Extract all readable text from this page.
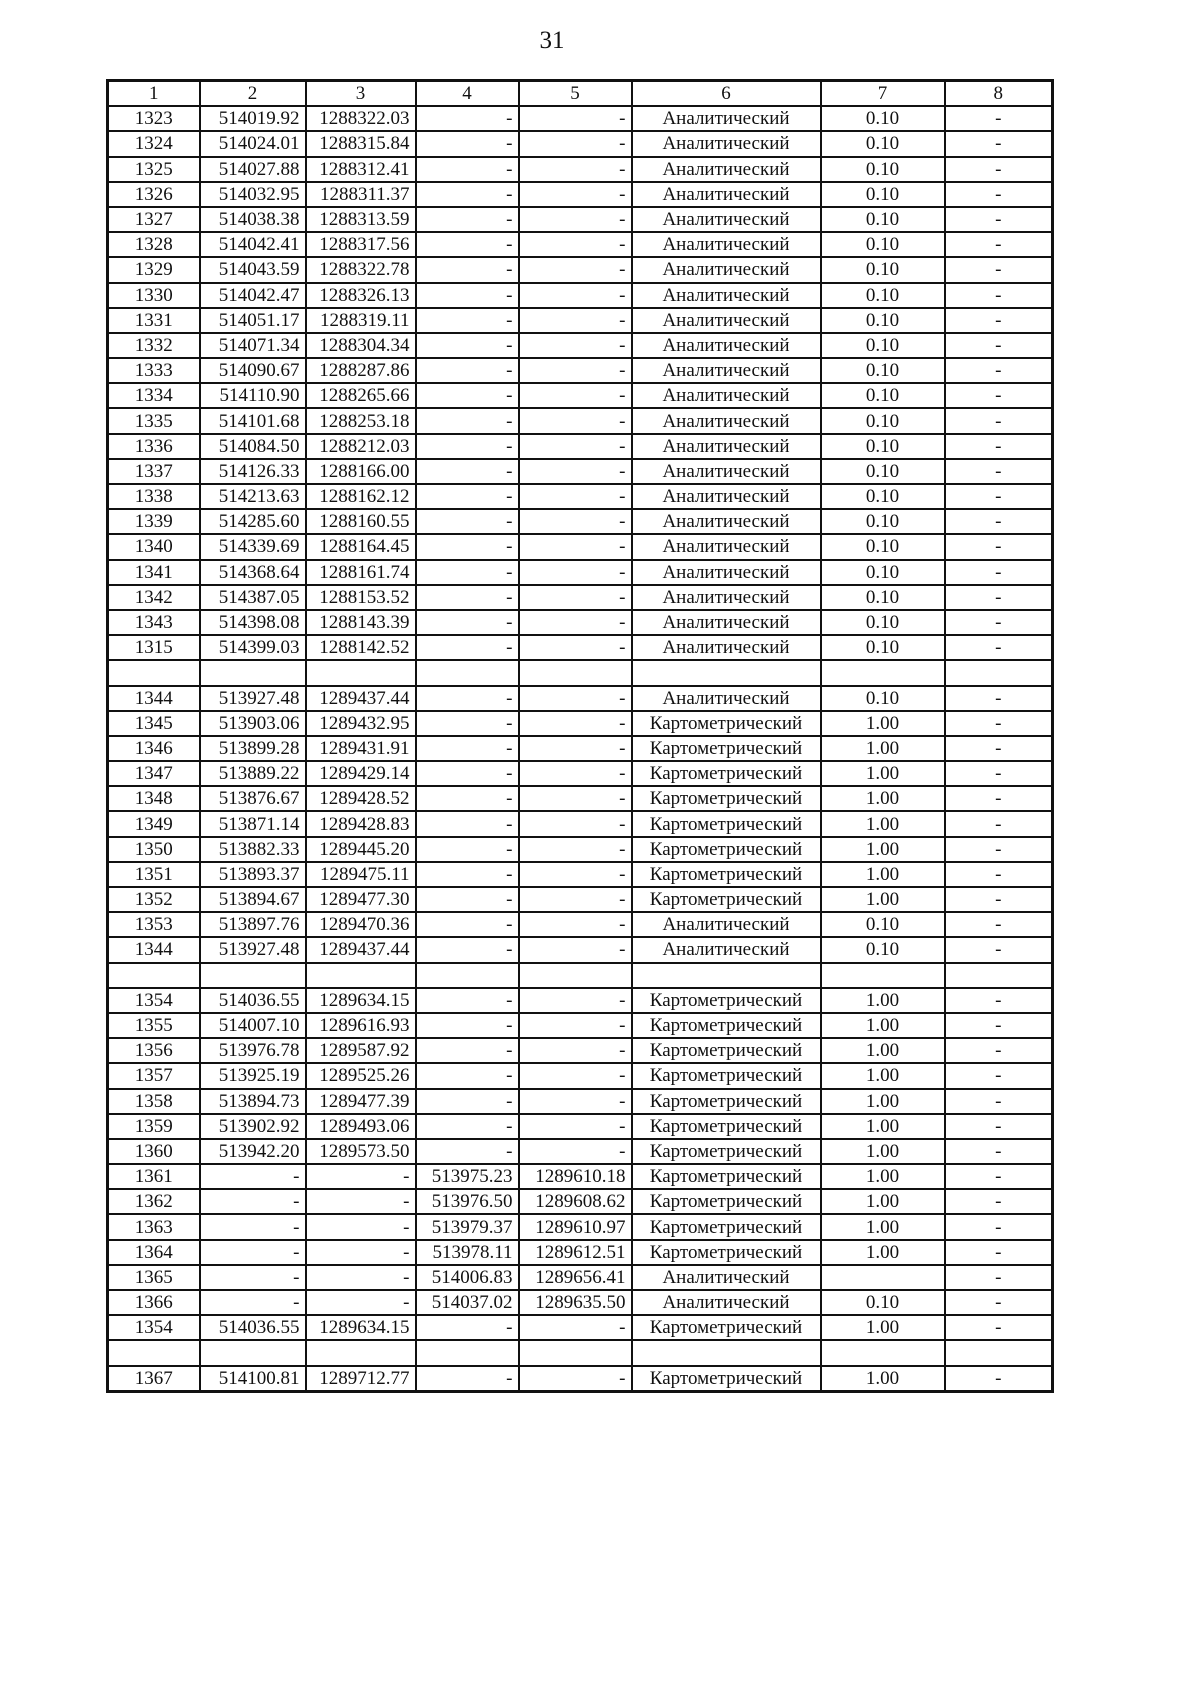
31
1	2	3	4	5	6	7	8
1323	514019.92	1288322.03	-	-	Аналитический	0.10	-
1324	514024.01	1288315.84	-	-	Аналитический	0.10	-
1325	514027.88	1288312.41	-	-	Аналитический	0.10	-
1326	514032.95	1288311.37	-	-	Аналитический	0.10	-
1327	514038.38	1288313.59	-	-	Аналитический	0.10	-
1328	514042.41	1288317.56	-	-	Аналитический	0.10	-
1329	514043.59	1288322.78	-	-	Аналитический	0.10	-
1330	514042.47	1288326.13	-	-	Аналитический	0.10	-
1331	514051.17	1288319.11	-	-	Аналитический	0.10	-
1332	514071.34	1288304.34	-	-	Аналитический	0.10	-
1333	514090.67	1288287.86	-	-	Аналитический	0.10	-
1334	514110.90	1288265.66	-	-	Аналитический	0.10	-
1335	514101.68	1288253.18	-	-	Аналитический	0.10	-
1336	514084.50	1288212.03	-	-	Аналитический	0.10	-
1337	514126.33	1288166.00	-	-	Аналитический	0.10	-
1338	514213.63	1288162.12	-	-	Аналитический	0.10	-
1339	514285.60	1288160.55	-	-	Аналитический	0.10	-
1340	514339.69	1288164.45	-	-	Аналитический	0.10	-
1341	514368.64	1288161.74	-	-	Аналитический	0.10	-
1342	514387.05	1288153.52	-	-	Аналитический	0.10	-
1343	514398.08	1288143.39	-	-	Аналитический	0.10	-
1315	514399.03	1288142.52	-	-	Аналитический	0.10	-

1344	513927.48	1289437.44	-	-	Аналитический	0.10	-
1345	513903.06	1289432.95	-	-	Картометрический	1.00	-
1346	513899.28	1289431.91	-	-	Картометрический	1.00	-
1347	513889.22	1289429.14	-	-	Картометрический	1.00	-
1348	513876.67	1289428.52	-	-	Картометрический	1.00	-
1349	513871.14	1289428.83	-	-	Картометрический	1.00	-
1350	513882.33	1289445.20	-	-	Картометрический	1.00	-
1351	513893.37	1289475.11	-	-	Картометрический	1.00	-
1352	513894.67	1289477.30	-	-	Картометрический	1.00	-
1353	513897.76	1289470.36	-	-	Аналитический	0.10	-
1344	513927.48	1289437.44	-	-	Аналитический	0.10	-

1354	514036.55	1289634.15	-	-	Картометрический	1.00	-
1355	514007.10	1289616.93	-	-	Картометрический	1.00	-
1356	513976.78	1289587.92	-	-	Картометрический	1.00	-
1357	513925.19	1289525.26	-	-	Картометрический	1.00	-
1358	513894.73	1289477.39	-	-	Картометрический	1.00	-
1359	513902.92	1289493.06	-	-	Картометрический	1.00	-
1360	513942.20	1289573.50	-	-	Картометрический	1.00	-
1361	-	-	513975.23	1289610.18	Картометрический	1.00	-
1362	-	-	513976.50	1289608.62	Картометрический	1.00	-
1363	-	-	513979.37	1289610.97	Картометрический	1.00	-
1364	-	-	513978.11	1289612.51	Картометрический	1.00	-
1365	-	-	514006.83	1289656.41	Аналитический		-
1366	-	-	514037.02	1289635.50	Аналитический	0.10	-
1354	514036.55	1289634.15	-	-	Картометрический	1.00	-

1367	514100.81	1289712.77	-	-	Картометрический	1.00	-
